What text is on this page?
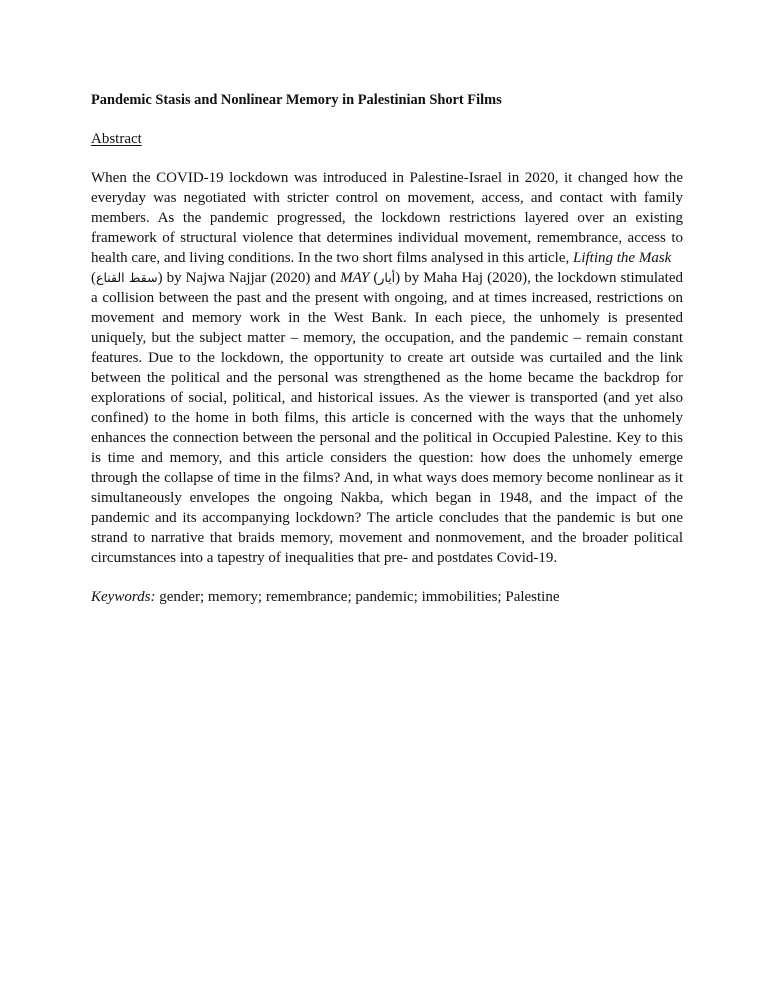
Pandemic Stasis and Nonlinear Memory in Palestinian Short Films
Abstract

When the COVID-19 lockdown was introduced in Palestine-Israel in 2020, it changed how the everyday was negotiated with stricter control on movement, access, and contact with family members. As the pandemic progressed, the lockdown restrictions layered over an existing framework of structural violence that determines individual movement, remembrance, access to health care, and living conditions. In the two short films analysed in this article, Lifting the Mask
(سقط القناع) by Najwa Najjar (2020) and MAY (أيار) by Maha Haj (2020), the lockdown stimulated a collision between the past and the present with ongoing, and at times increased, restrictions on movement and memory work in the West Bank. In each piece, the unhomely is presented uniquely, but the subject matter – memory, the occupation, and the pandemic – remain constant features. Due to the lockdown, the opportunity to create art outside was curtailed and the link between the political and the personal was strengthened as the home became the backdrop for explorations of social, political, and historical issues. As the viewer is transported (and yet also confined) to the home in both films, this article is concerned with the ways that the unhomely enhances the connection between the personal and the political in Occupied Palestine. Key to this is time and memory, and this article considers the question: how does the unhomely emerge through the collapse of time in the films? And, in what ways does memory become nonlinear as it simultaneously envelopes the ongoing Nakba, which began in 1948, and the impact of the pandemic and its accompanying lockdown? The article concludes that the pandemic is but one strand to narrative that braids memory, movement and nonmovement, and the broader political circumstances into a tapestry of inequalities that pre- and postdates Covid-19.

Keywords: gender; memory; remembrance; pandemic; immobilities; Palestine
